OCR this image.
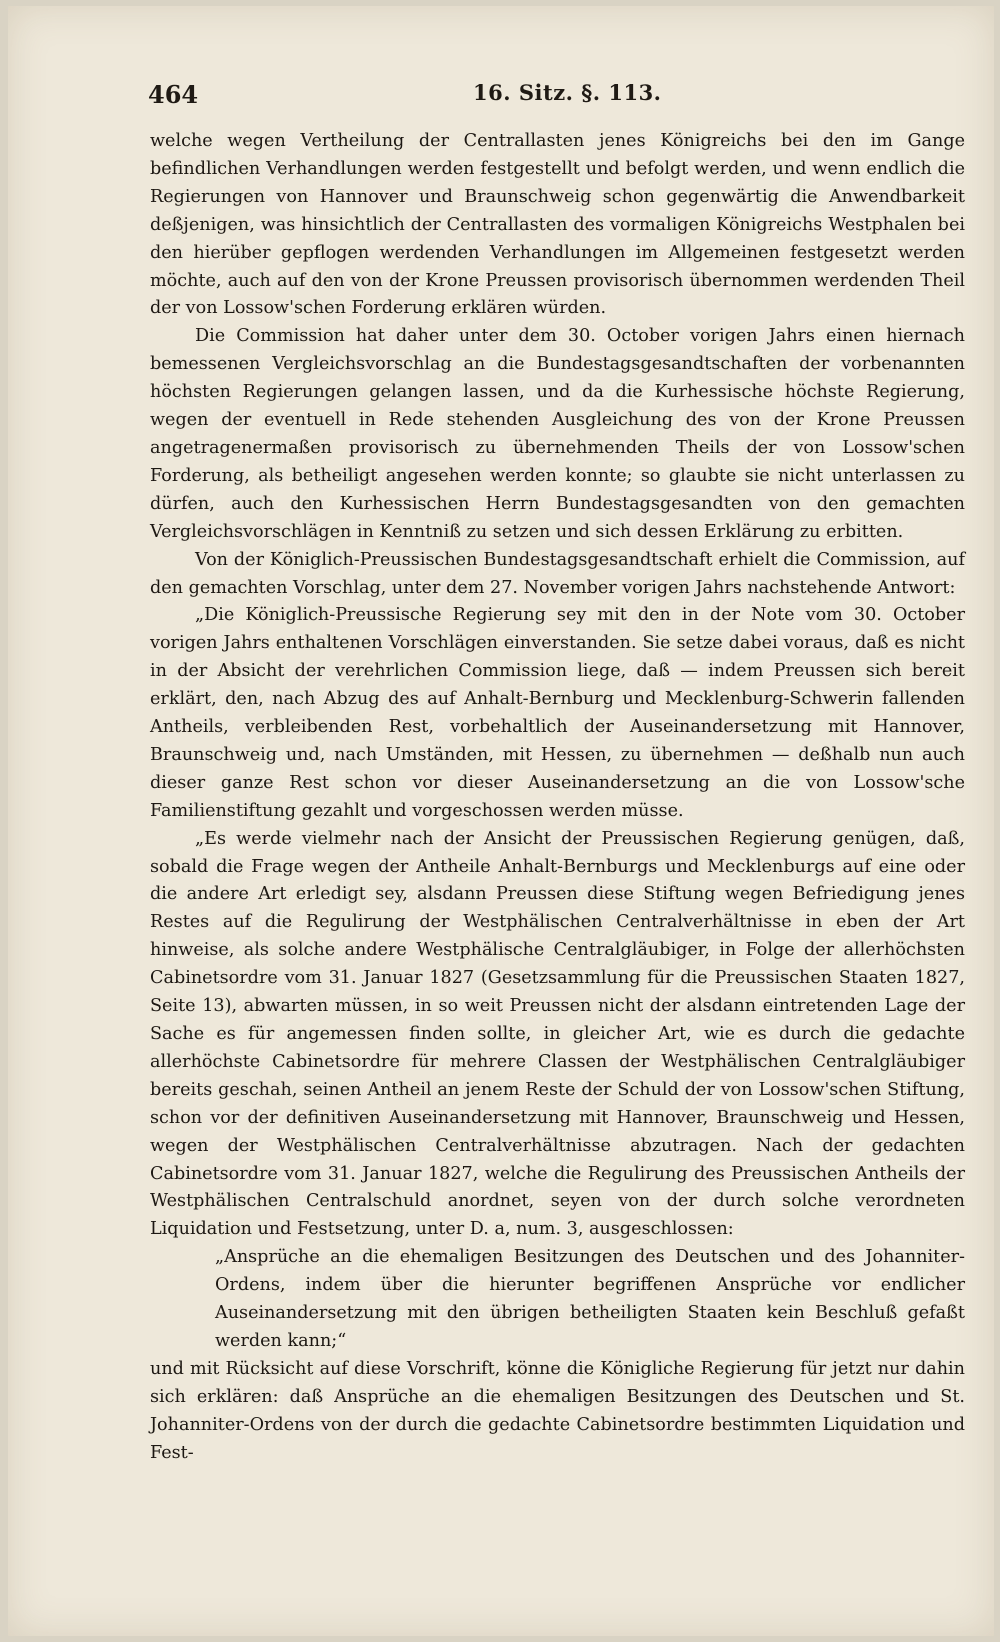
464	16. Sitz. §. 113.

welche wegen Vertheilung der Centrallasten jenes Königreichs bei den im Gange befindlichen Verhandlungen werden festgestellt und befolgt werden, und wenn endlich die Regierungen von Hannover und Braunschweig schon gegenwärtig die Anwendbarkeit deßjenigen, was hinsichtlich der Centrallasten des vormaligen Königreichs Westphalen bei den hierüber gepflogen werdenden Verhandlungen im Allgemeinen festgesetzt werden möchte, auch auf den von der Krone Preussen provisorisch übernommen werdenden Theil der von Lossow'schen Forderung erklären würden.

Die Commission hat daher unter dem 30. October vorigen Jahrs einen hiernach bemessenen Vergleichsvorschlag an die Bundestagsgesandtschaften der vorbenannten höchsten Regierungen gelangen lassen, und da die Kurhessische höchste Regierung, wegen der eventuell in Rede stehenden Ausgleichung des von der Krone Preussen angetragenermaßen provisorisch zu übernehmenden Theils der von Lossow'schen Forderung, als betheiligt angesehen werden konnte; so glaubte sie nicht unterlassen zu dürfen, auch den Kurhessischen Herrn Bundestagsgesandten von den gemachten Vergleichsvorschlägen in Kenntniß zu setzen und sich dessen Erklärung zu erbitten.

Von der Königlich-Preussischen Bundestagsgesandtschaft erhielt die Commission, auf den gemachten Vorschlag, unter dem 27. November vorigen Jahrs nachstehende Antwort:

„Die Königlich-Preussische Regierung sey mit den in der Note vom 30. October vorigen Jahrs enthaltenen Vorschlägen einverstanden. Sie setze dabei voraus, daß es nicht in der Absicht der verehrlichen Commission liege, daß — indem Preussen sich bereit erklärt, den, nach Abzug des auf Anhalt-Bernburg und Mecklenburg-Schwerin fallenden Antheils, verbleibenden Rest, vorbehaltlich der Auseinandersetzung mit Hannover, Braunschweig und, nach Umständen, mit Hessen, zu übernehmen — deßhalb nun auch dieser ganze Rest schon vor dieser Auseinandersetzung an die von Lossow'sche Familienstiftung gezahlt und vorgeschossen werden müsse.

„Es werde vielmehr nach der Ansicht der Preussischen Regierung genügen, daß, sobald die Frage wegen der Antheile Anhalt-Bernburgs und Mecklenburgs auf eine oder die andere Art erledigt sey, alsdann Preussen diese Stiftung wegen Befriedigung jenes Restes auf die Regulirung der Westphälischen Centralverhältnisse in eben der Art hinweise, als solche andere Westphälische Centralgläubiger, in Folge der allerhöchsten Cabinetsordre vom 31. Januar 1827 (Gesetzsammlung für die Preussischen Staaten 1827, Seite 13), abwarten müssen, in so weit Preussen nicht der alsdann eintretenden Lage der Sache es für angemessen finden sollte, in gleicher Art, wie es durch die gedachte allerhöchste Cabinetsordre für mehrere Classen der Westphälischen Centralgläubiger bereits geschah, seinen Antheil an jenem Reste der Schuld der von Lossow'schen Stiftung, schon vor der definitiven Auseinandersetzung mit Hannover, Braunschweig und Hessen, wegen der Westphälischen Centralverhältnisse abzutragen. Nach der gedachten Cabinetsordre vom 31. Januar 1827, welche die Regulirung des Preussischen Antheils der Westphälischen Centralschuld anordnet, seyen von der durch solche verordneten Liquidation und Festsetzung, unter D. a, num. 3, ausgeschlossen:

„Ansprüche an die ehemaligen Besitzungen des Deutschen und des Johanniter-Ordens, indem über die hierunter begriffenen Ansprüche vor endlicher Auseinandersetzung mit den übrigen betheiligten Staaten kein Beschluß gefaßt werden kann;“

und mit Rücksicht auf diese Vorschrift, könne die Königliche Regierung für jetzt nur dahin sich erklären: daß Ansprüche an die ehemaligen Besitzungen des Deutschen und St. Johanniter-Ordens von der durch die gedachte Cabinetsordre bestimmten Liquidation und Fest-
